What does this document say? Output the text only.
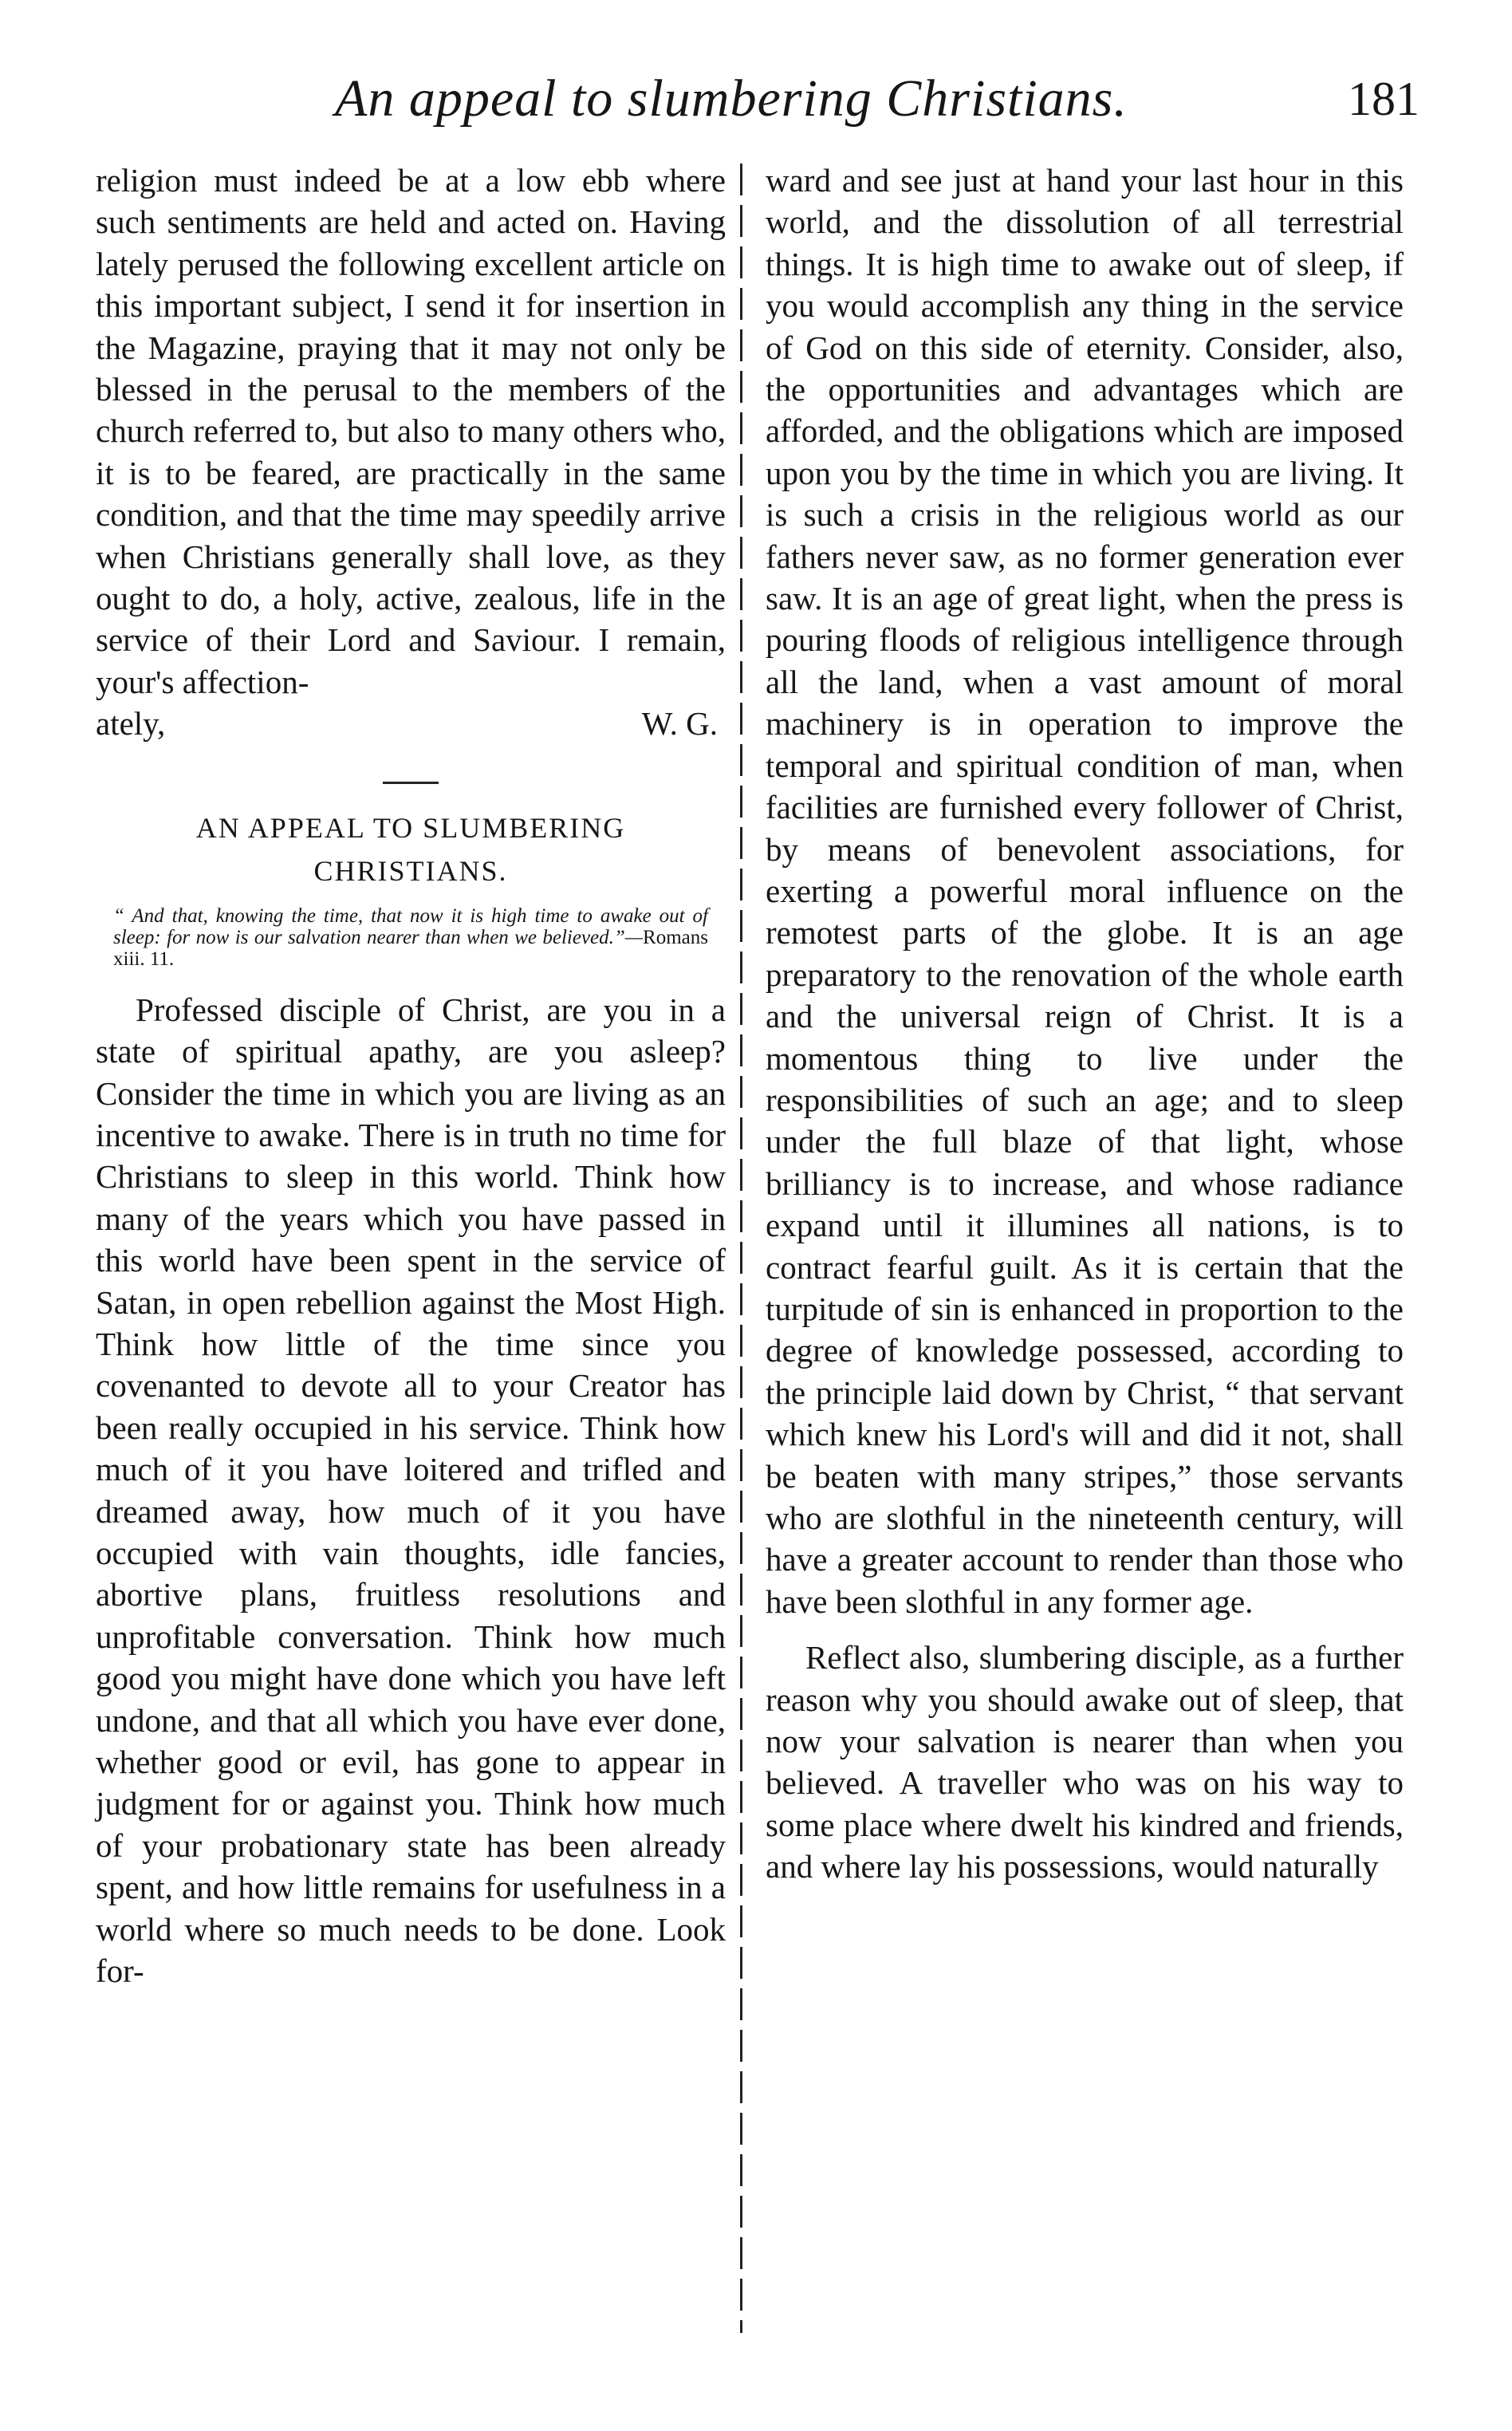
An appeal to slumbering Christians.	181

religion must indeed be at a low ebb where such sentiments are held and acted on. Having lately perused the following excellent article on this important subject, I send it for insertion in the Magazine, praying that it may not only be blessed in the perusal to the members of the church referred to, but also to many others who, it is to be feared, are practically in the same condition, and that the time may speedily arrive when Christians generally shall love, as they ought to do, a holy, active, zealous, life in the service of their Lord and Saviour. I remain, your's affection-

ately,	W. G.
AN APPEAL TO SLUMBERING CHRISTIANS.
“ And that, knowing the time, that now it is high time to awake out of sleep: for now is our salvation nearer than when we believed.”—Romans xiii. 11.

Professed disciple of Christ, are you in a state of spiritual apathy, are you asleep? Consider the time in which you are living as an incentive to awake. There is in truth no time for Christians to sleep in this world. Think how many of the years which you have passed in this world have been spent in the service of Satan, in open rebellion against the Most High. Think how little of the time since you covenanted to devote all to your Creator has been really occupied in his service. Think how much of it you have loitered and trifled and dreamed away, how much of it you have occupied with vain thoughts, idle fancies, abortive plans, fruitless resolutions and unprofitable conversation. Think how much good you might have done which you have left undone, and that all which you have ever done, whether good or evil, has gone to appear in judgment for or against you. Think how much of your probationary state has been already spent, and how little remains for usefulness in a world where so much needs to be done. Look for-

ward and see just at hand your last hour in this world, and the dissolution of all terrestrial things. It is high time to awake out of sleep, if you would accomplish any thing in the service of God on this side of eternity. Consider, also, the opportunities and advantages which are afforded, and the obligations which are imposed upon you by the time in which you are living. It is such a crisis in the religious world as our fathers never saw, as no former generation ever saw. It is an age of great light, when the press is pouring floods of religious intelligence through all the land, when a vast amount of moral machinery is in operation to improve the temporal and spiritual condition of man, when facilities are furnished every follower of Christ, by means of benevolent associations, for exerting a powerful moral influence on the remotest parts of the globe. It is an age preparatory to the renovation of the whole earth and the universal reign of Christ. It is a momentous thing to live under the responsibilities of such an age; and to sleep under the full blaze of that light, whose brilliancy is to increase, and whose radiance expand until it illumines all nations, is to contract fearful guilt. As it is certain that the turpitude of sin is enhanced in proportion to the degree of knowledge possessed, according to the principle laid down by Christ, “ that servant which knew his Lord's will and did it not, shall be beaten with many stripes,” those servants who are slothful in the nineteenth century, will have a greater account to render than those who have been slothful in any former age.

Reflect also, slumbering disciple, as a further reason why you should awake out of sleep, that now your salvation is nearer than when you believed. A traveller who was on his way to some place where dwelt his kindred and friends, and where lay his possessions, would naturally
